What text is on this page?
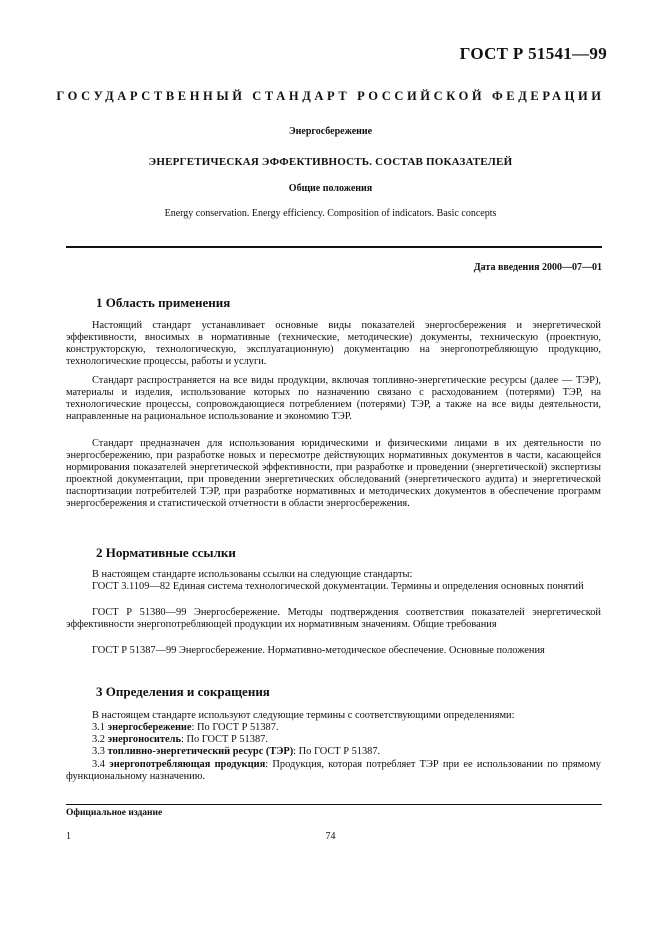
ГОСТ Р 51541—99
ГОСУДАРСТВЕННЫЙ СТАНДАРТ РОССИЙСКОЙ ФЕДЕРАЦИИ
Энергосбережение
ЭНЕРГЕТИЧЕСКАЯ ЭФФЕКТИВНОСТЬ. СОСТАВ ПОКАЗАТЕЛЕЙ
Общие положения
Energy conservation. Energy efficiency. Composition of indicators. Basic concepts
Дата введения 2000—07—01
1 Область применения

Настоящий стандарт устанавливает основные виды показателей энергосбережения и энергетической эффективности, вносимых в нормативные (технические, методические) документы, техническую (проектную, конструкторскую, технологическую, эксплуатационную) документацию на энергопотребляющую продукцию, технологические процессы, работы и услуги.

Стандарт распространяется на все виды продукции, включая топливно-энергетические ресурсы (далее — ТЭР), материалы и изделия, использование которых по назначению связано с расходованием (потерями) ТЭР, на технологические процессы, сопровождающиеся потреблением (потерями) ТЭР, а также на все виды деятельности, направленные на рациональное использование и экономию ТЭР.

Стандарт предназначен для использования юридическими и физическими лицами в их деятельности по энергосбережению, при разработке новых и пересмотре действующих нормативных документов в части, касающейся нормирования показателей энергетической эффективности, при разработке и проведении (энергетической) экспертизы проектной документации, при проведении энергетических обследований (энергетического аудита) и энергетической паспортизации потребителей ТЭР, при разработке нормативных и методических документов в обеспечение программ энергосбережения и статистической отчетности в области энергосбережения.

2 Нормативные ссылки

В настоящем стандарте использованы ссылки на следующие стандарты:

ГОСТ 3.1109—82 Единая система технологической документации. Термины и определения основных понятий

ГОСТ Р 51380—99 Энергосбережение. Методы подтверждения соответствия показателей энергетической эффективности энергопотребляющей продукции их нормативным значениям. Общие требования

ГОСТ Р 51387—99 Энергосбережение. Нормативно-методическое обеспечение. Основные положения

3 Определения и сокращения

В настоящем стандарте используют следующие термины с соответствующими определениями:

3.1 энергосбережение: По ГОСТ Р 51387.

3.2 энергоноситель: По ГОСТ Р 51387.

3.3 топливно-энергетический ресурс (ТЭР): По ГОСТ Р 51387.

3.4 энергопотребляющая продукция: Продукция, которая потребляет ТЭР при ее использовании по прямому функциональному назначению.

Официальное издание
1	74
